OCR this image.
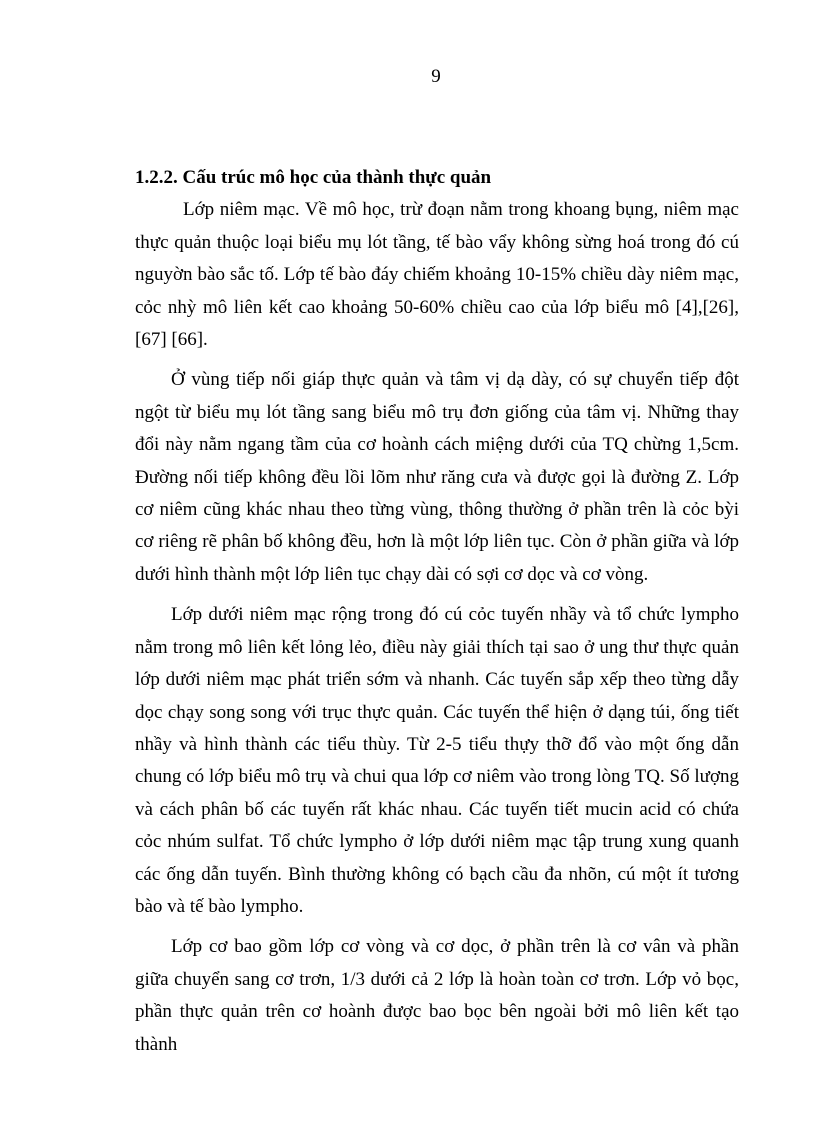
9

1.2.2. Cấu trúc mô học của thành thực quản

Lớp niêm mạc. Về mô học, trừ đoạn nằm trong khoang bụng, niêm mạc thực quản thuộc loại biểu mụ lót tầng, tế bào vẩy không sừng hoá trong đó cú nguyờn bào sắc tố. Lớp tế bào đáy chiếm khoảng 10-15% chiều dày niêm mạc, cỏc nhỳ mô liên kết cao khoảng 50-60% chiều cao của lớp biểu mô [4],[26], [67] [66].

Ở vùng tiếp nối giáp thực quản và tâm vị dạ dày, có sự chuyển tiếp đột ngột từ biểu mụ lót tầng sang biểu mô trụ đơn giống của tâm vị. Những thay đổi này nằm ngang tầm của cơ hoành cách miệng dưới của TQ chừng 1,5cm. Đường nối tiếp không đều lồi lõm như răng cưa và được gọi là đường Z. Lớp cơ niêm cũng khác nhau theo từng vùng, thông thường ở phần trên là cỏc bỳi cơ riêng rẽ phân bố không đều, hơn là một lớp liên tục. Còn ở phần giữa và lớp dưới hình thành một lớp liên tục chạy dài có sợi cơ dọc và cơ vòng.

Lớp dưới niêm mạc rộng trong đó cú cỏc tuyến nhầy và tổ chức lympho nằm trong mô liên kết lỏng lẻo, điều này giải thích tại sao ở ung thư thực quản lớp dưới niêm mạc phát triển sớm và nhanh. Các tuyến sắp xếp theo từng dẫy dọc chạy song song với trục thực quản. Các tuyến thể hiện ở dạng túi, ống tiết nhầy và hình thành các tiểu thùy. Từ 2-5 tiểu thựy thỡ đổ vào một ống dẫn chung có lớp biểu mô trụ và chui qua lớp cơ niêm vào trong lòng TQ. Số lượng và cách phân bố các tuyến rất khác nhau. Các tuyến tiết mucin acid có chứa cỏc nhúm sulfat. Tổ chức lympho ở lớp dưới niêm mạc tập trung xung quanh các ống dẫn tuyến. Bình thường không có bạch cầu đa nhõn, cú một ít tương bào và tế bào lympho.

Lớp cơ bao gồm lớp cơ vòng và cơ dọc, ở phần trên là cơ vân và phần giữa chuyển sang cơ trơn, 1/3 dưới cả 2 lớp là hoàn toàn cơ trơn. Lớp vỏ bọc, phần thực quản trên cơ hoành được bao bọc bên ngoài bởi mô liên kết tạo thành
